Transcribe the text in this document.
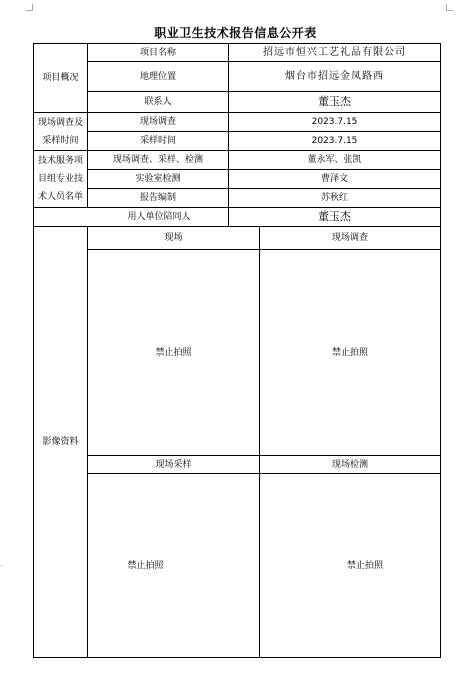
职业卫生技术报告信息公开表
项目概况
项目名称	招远市恒兴工艺礼品有限公司
地理位置	烟台市招远金凤路西
联系人	董玉杰
现场调查及
采样时间
现场调查	2023.7.15
采样时间	2023.7.15
技术服务项
目组专业技
术人员名单
现场调查、采样、检测	董永军、张凯
实验室检测	曹泽文
报告编制	苏秋红
用人单位陪同人	董玉杰
影像资料
现场	现场调查
禁止拍照	禁止拍照
现场采样	现场检测
禁止拍照	禁止拍照
˯
